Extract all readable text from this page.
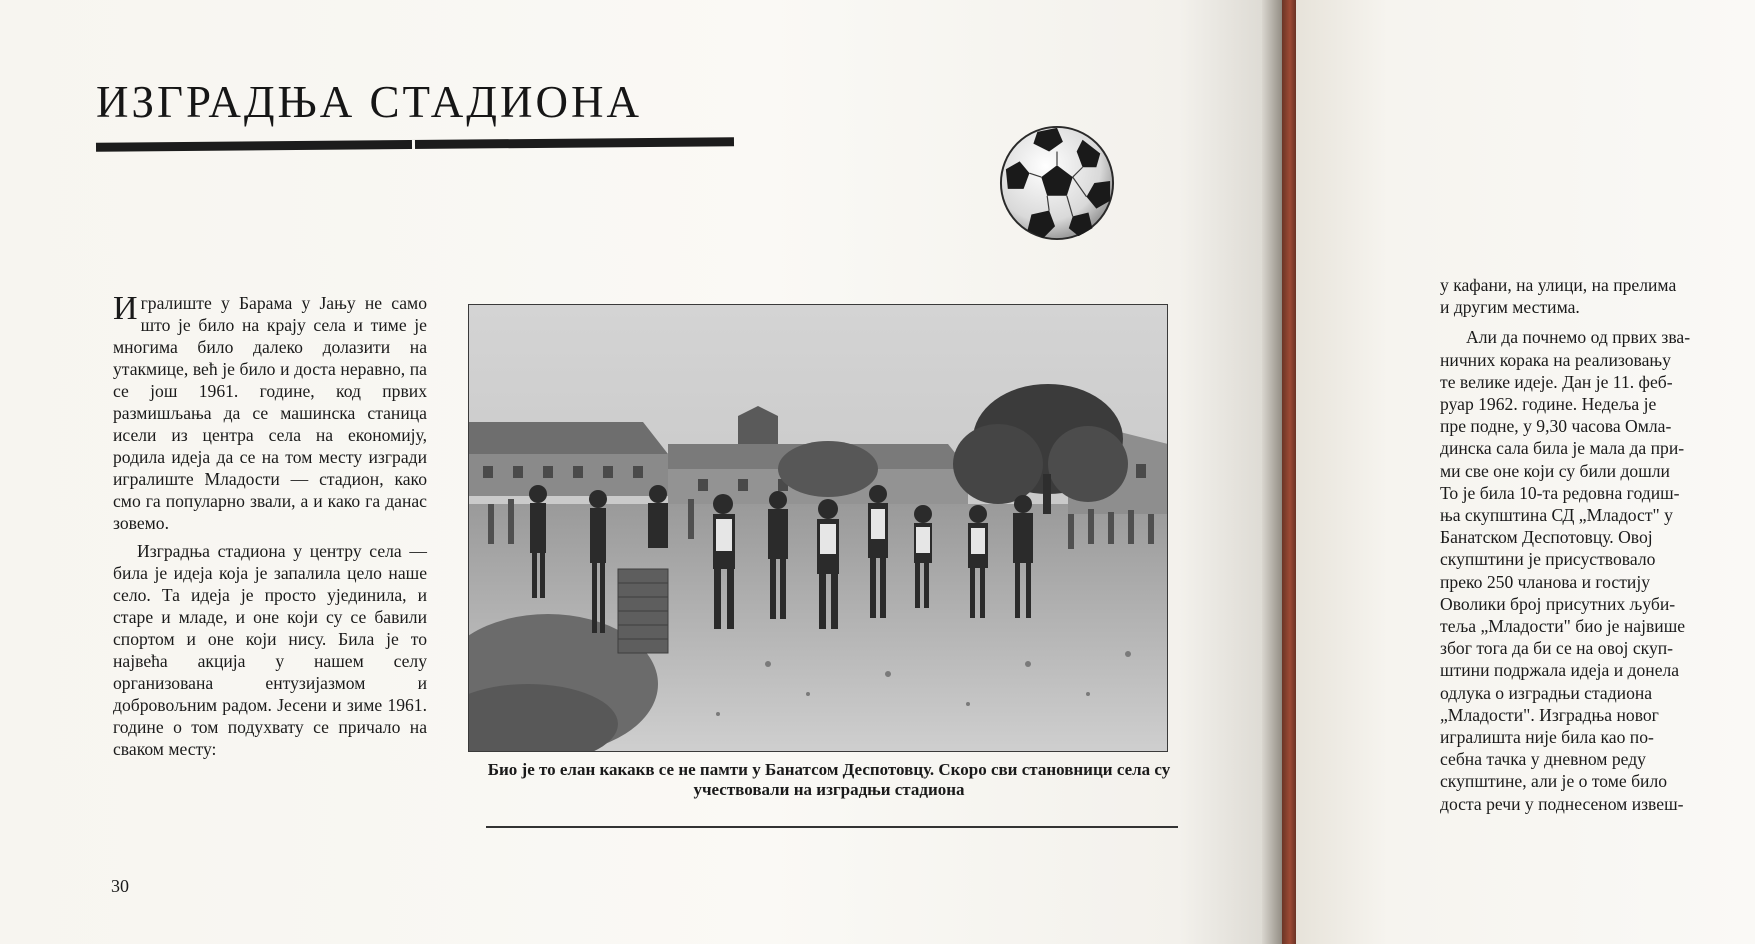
ИЗГРАДЊА СТАДИОНА

Игралиште у Барама у Јању не само што је било на крају села и тиме је многима било далеко долазити на утакмице, већ је било и доста неравно, па се још 1961. године, код првих размишљања да се машинска станица исели из центра села на економију, родила идеја да се на том месту изгради игралиште Младости — стадион, како смо га популарно звали, а и како га данас зовемо.

Изградња стадиона у центру села — била је идеја која је запалила цело наше село. Та идеја је просто ујединила, и старе и младе, и оне који су се бавили спортом и оне који нису. Била је то највећа акција у нашем селу организована ентузијазмом и добровољним радом. Јесени и зиме 1961. године о том подухвату се причало на сваком месту:

Био је то елан какакв се не памти у Банатсом Деспотовцу. Скоро сви становници села су учествовали на изградњи стадиона

30

у кафани, на улици, на прелима
и другим местима.
Али да почнемо од првих зва-
ничних корака на реализовању
те велике идеје. Дан је 11. феб-
руар 1962. године. Недеља је
пре подне, у 9,30 часова Омла-
динска сала била је мала да при-
ми све оне који су били дошли
То је била 10-та редовна годиш-
ња скупштина СД „Младост" у
Банатском Деспотовцу. Овој
скупштини је присуствовало
преко 250 чланова и гостију
Оволики број присутних љуби-
теља „Младости" био је највише
због тога да би се на овој скуп-
штини подржала идеја и донела
одлука о изградњи стадиона
„Младости". Изградња новог
игралишта није била као по-
себна тачка у дневном реду
скупштине, али је о томе било
доста речи у поднесеном извеш-
